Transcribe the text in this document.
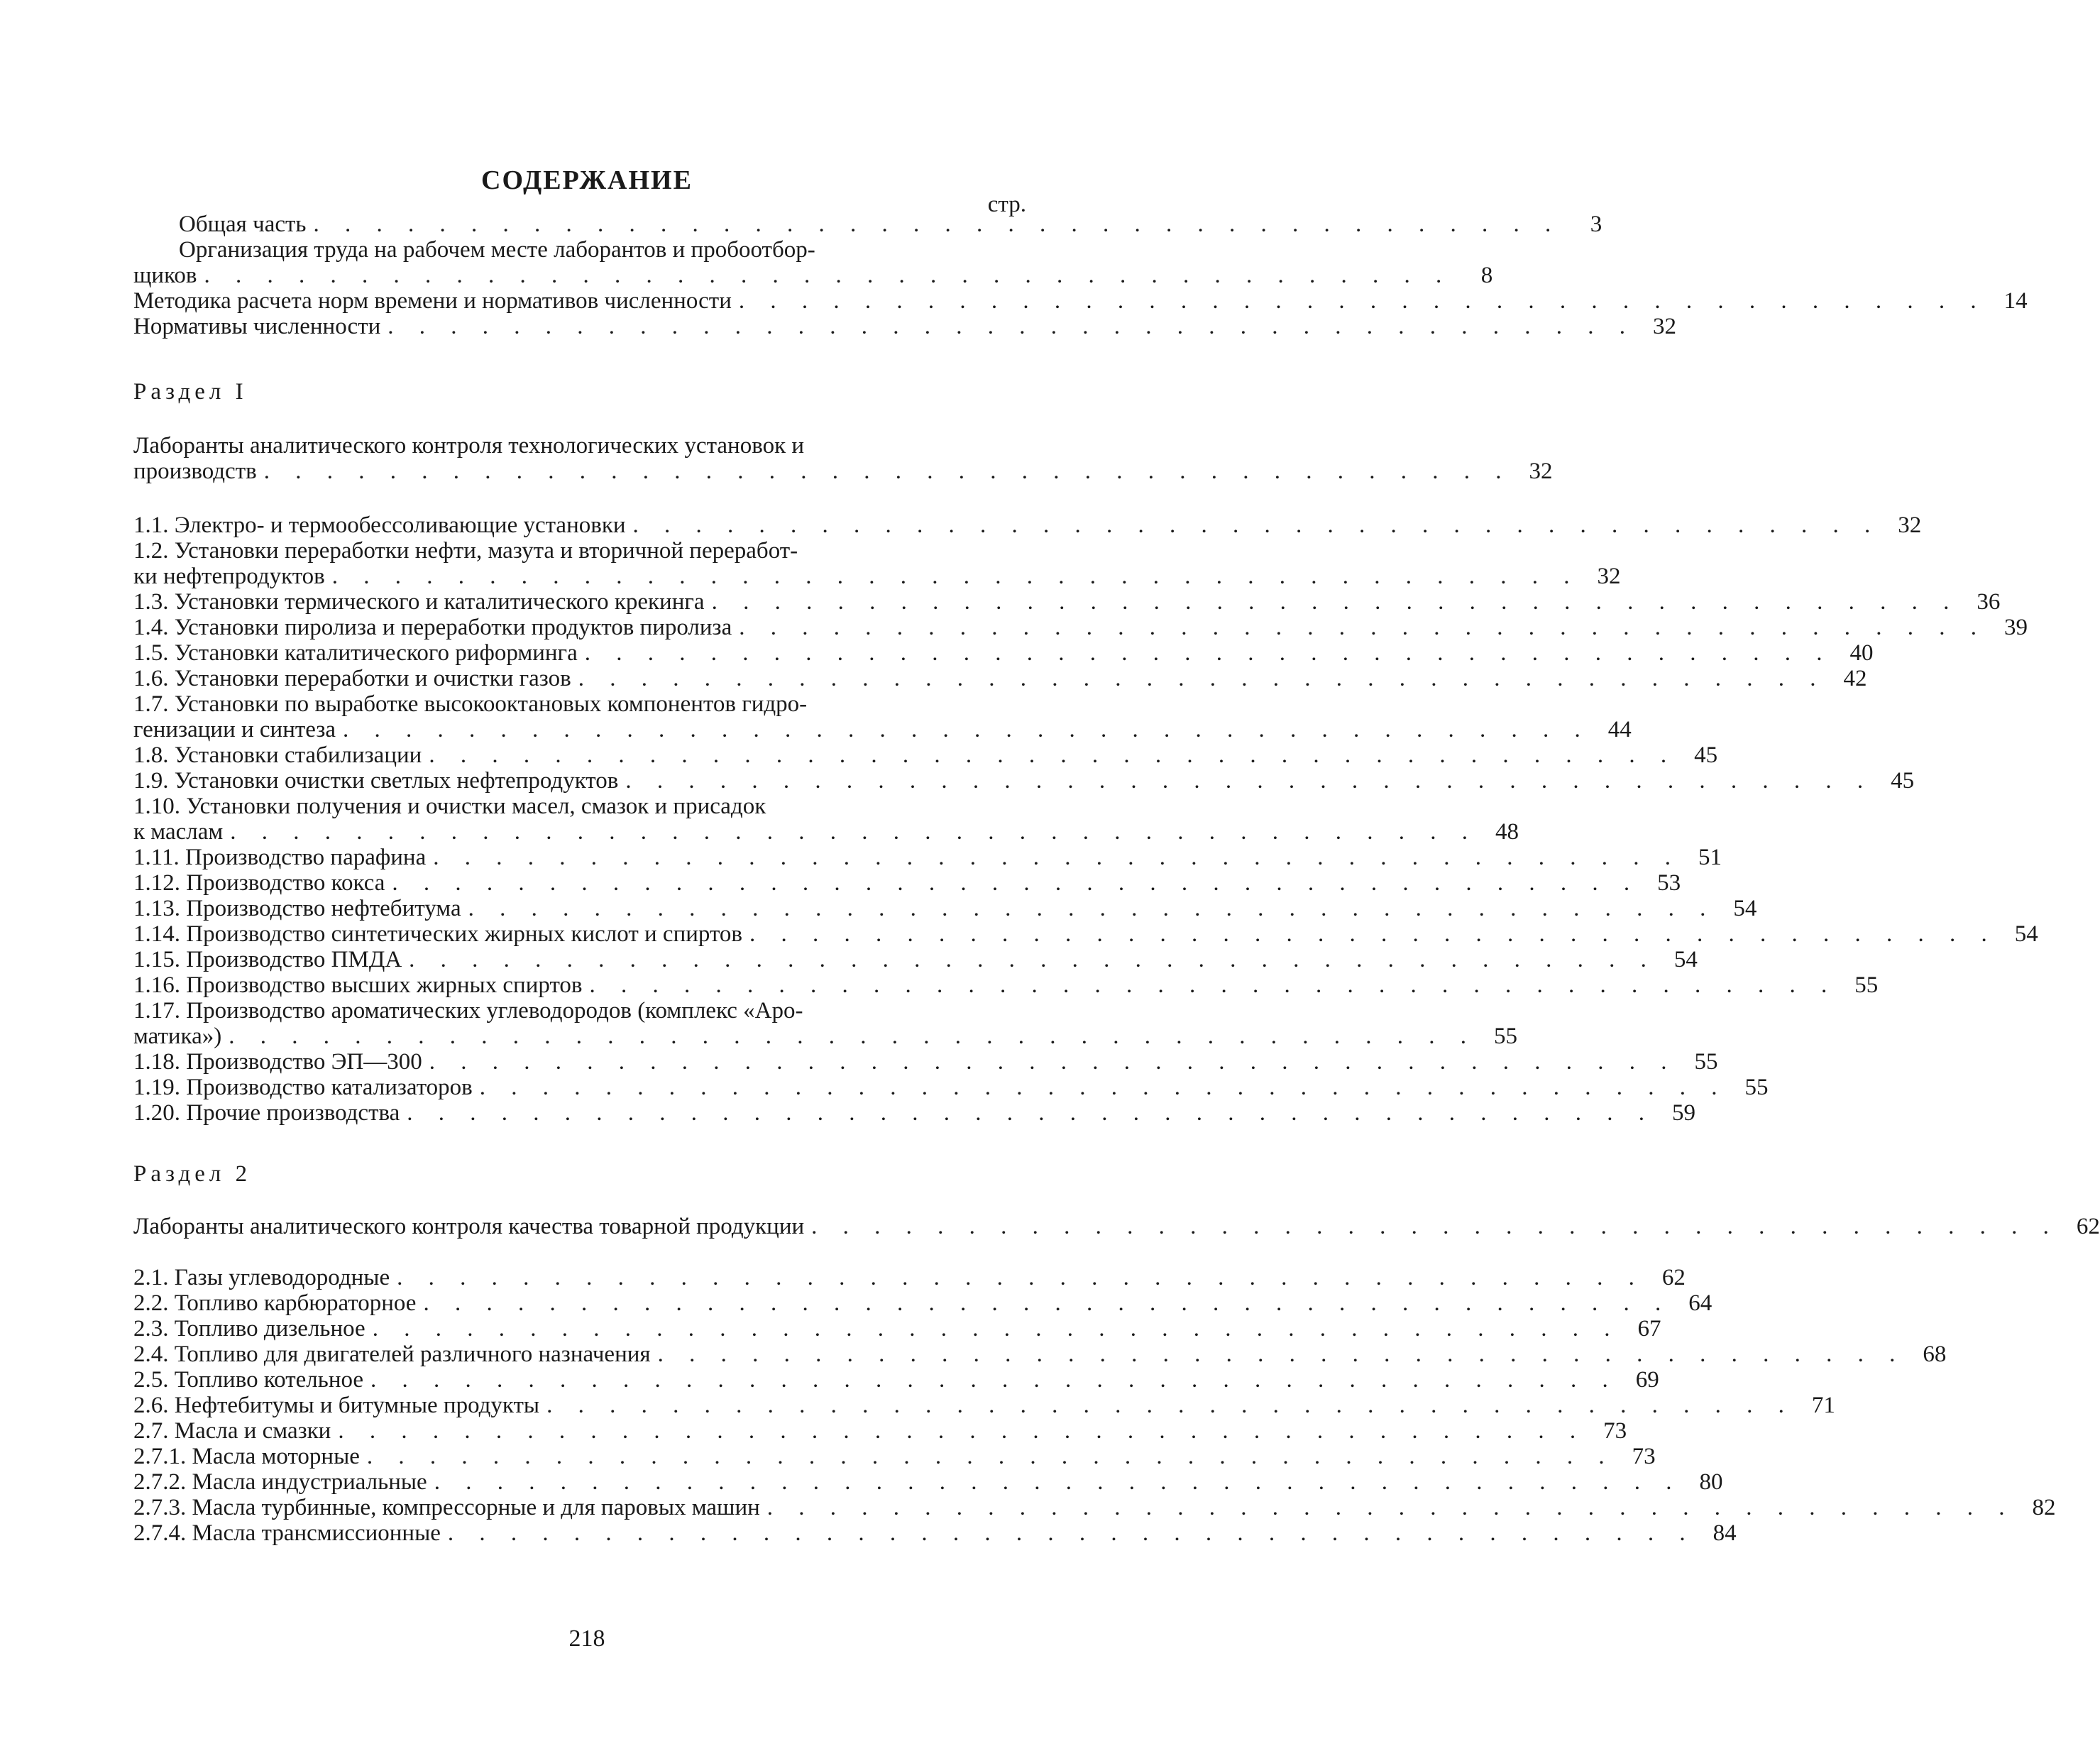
СОДЕРЖАНИЕ
стр.
Общая часть . . . . . . . . . . . . . . . . . . . . . . . . . . . . . . . . . . . . . . . .	3
Организация труда на рабочем месте лаборантов и пробоотбор-
щиков . . . . . . . . . . . . . . . . . . . . . . . . . . . . . . . . . . . . . . . .	8
Методика расчета норм времени и нормативов численности . . . . . . . . . . . . . . . . . . . . . . . . . . . . . . . . . . . . . . . . 14
Нормативы численности . . . . . . . . . . . . . . . . . . . . . . . . . . . . . . . . . . . . . . . . 32
Лаборанты аналитического контроля технологических установок и
производств . . . . . . . . . . . . . . . . . . . . . . . . . . . . . . . . . . . . . . . . 32
1.1. Электро- и термообессоливающие установки . . . . . . . . . . . . . . . . . . . . . . . . . . . . . . . . . . . . . . . . 32
1.2. Установки переработки нефти, мазута и вторичной переработ-
ки нефтепродуктов . . . . . . . . . . . . . . . . . . . . . . . . . . . . . . . . . . . . . . . . 32
1.3. Установки термического и каталитического крекинга . . . . . . . . . . . . . . . . . . . . . . . . . . . . . . . . . . . . . . . . 36
1.4. Установки пиролиза и переработки продуктов пиролиза . . . . . . . . . . . . . . . . . . . . . . . . . . . . . . . . . . . . . . . . 39
1.5. Установки каталитического риформинга . . . . . . . . . . . . . . . . . . . . . . . . . . . . . . . . . . . . . . . . 40
1.6. Установки переработки и очистки газов . . . . . . . . . . . . . . . . . . . . . . . . . . . . . . . . . . . . . . . . 42
1.7. Установки по выработке высокооктановых компонентов гидро-
генизации и синтеза . . . . . . . . . . . . . . . . . . . . . . . . . . . . . . . . . . . . . . . . 44
1.8. Установки стабилизации . . . . . . . . . . . . . . . . . . . . . . . . . . . . . . . . . . . . . . . . 45
1.9. Установки очистки светлых нефтепродуктов . . . . . . . . . . . . . . . . . . . . . . . . . . . . . . . . . . . . . . . . 45
1.10. Установки получения и очистки масел, смазок и присадок
к маслам . . . . . . . . . . . . . . . . . . . . . . . . . . . . . . . . . . . . . . . . 48
1.11. Производство парафина . . . . . . . . . . . . . . . . . . . . . . . . . . . . . . . . . . . . . . . . 51
1.12. Производство кокса . . . . . . . . . . . . . . . . . . . . . . . . . . . . . . . . . . . . . . . . 53
1.13. Производство нефтебитума . . . . . . . . . . . . . . . . . . . . . . . . . . . . . . . . . . . . . . . . 54
1.14. Производство синтетических жирных кислот и спиртов . . . . . . . . . . . . . . . . . . . . . . . . . . . . . . . . . . . . . . . . 54
1.15. Производство ПМДА . . . . . . . . . . . . . . . . . . . . . . . . . . . . . . . . . . . . . . . . 54
1.16. Производство высших жирных спиртов . . . . . . . . . . . . . . . . . . . . . . . . . . . . . . . . . . . . . . . . 55
1.17. Производство ароматических углеводородов (комплекс «Аро-
матика») . . . . . . . . . . . . . . . . . . . . . . . . . . . . . . . . . . . . . . . . 55
1.18. Производство ЭП—300 . . . . . . . . . . . . . . . . . . . . . . . . . . . . . . . . . . . . . . . . 55
1.19. Производство катализаторов . . . . . . . . . . . . . . . . . . . . . . . . . . . . . . . . . . . . . . . . 55
1.20. Прочие производства . . . . . . . . . . . . . . . . . . . . . . . . . . . . . . . . . . . . . . . . 59
Лаборанты аналитического контроля качества товарной продукции . . . . . . . . . . . . . . . . . . . . . . . . . . . . . . . . . . . . . . . . 62
2.1. Газы углеводородные . . . . . . . . . . . . . . . . . . . . . . . . . . . . . . . . . . . . . . . . 62
2.2. Топливо карбюраторное . . . . . . . . . . . . . . . . . . . . . . . . . . . . . . . . . . . . . . . . 64
2.3. Топливо дизельное . . . . . . . . . . . . . . . . . . . . . . . . . . . . . . . . . . . . . . . . 67
2.4. Топливо для двигателей различного назначения . . . . . . . . . . . . . . . . . . . . . . . . . . . . . . . . . . . . . . . . 68
2.5. Топливо котельное . . . . . . . . . . . . . . . . . . . . . . . . . . . . . . . . . . . . . . . . 69
2.6. Нефтебитумы и битумные продукты . . . . . . . . . . . . . . . . . . . . . . . . . . . . . . . . . . . . . . . . 71
2.7. Масла и смазки . . . . . . . . . . . . . . . . . . . . . . . . . . . . . . . . . . . . . . . . 73
2.7.1. Масла моторные . . . . . . . . . . . . . . . . . . . . . . . . . . . . . . . . . . . . . . . . 73
2.7.2. Масла индустриальные . . . . . . . . . . . . . . . . . . . . . . . . . . . . . . . . . . . . . . . . 80
2.7.3. Масла турбинные, компрессорные и для паровых машин . . . . . . . . . . . . . . . . . . . . . . . . . . . . . . . . . . . . . . . . 82
2.7.4. Масла трансмиссионные . . . . . . . . . . . . . . . . . . . . . . . . . . . . . . . . . . . . . . . . 84
Раздел I
Раздел 2
218
